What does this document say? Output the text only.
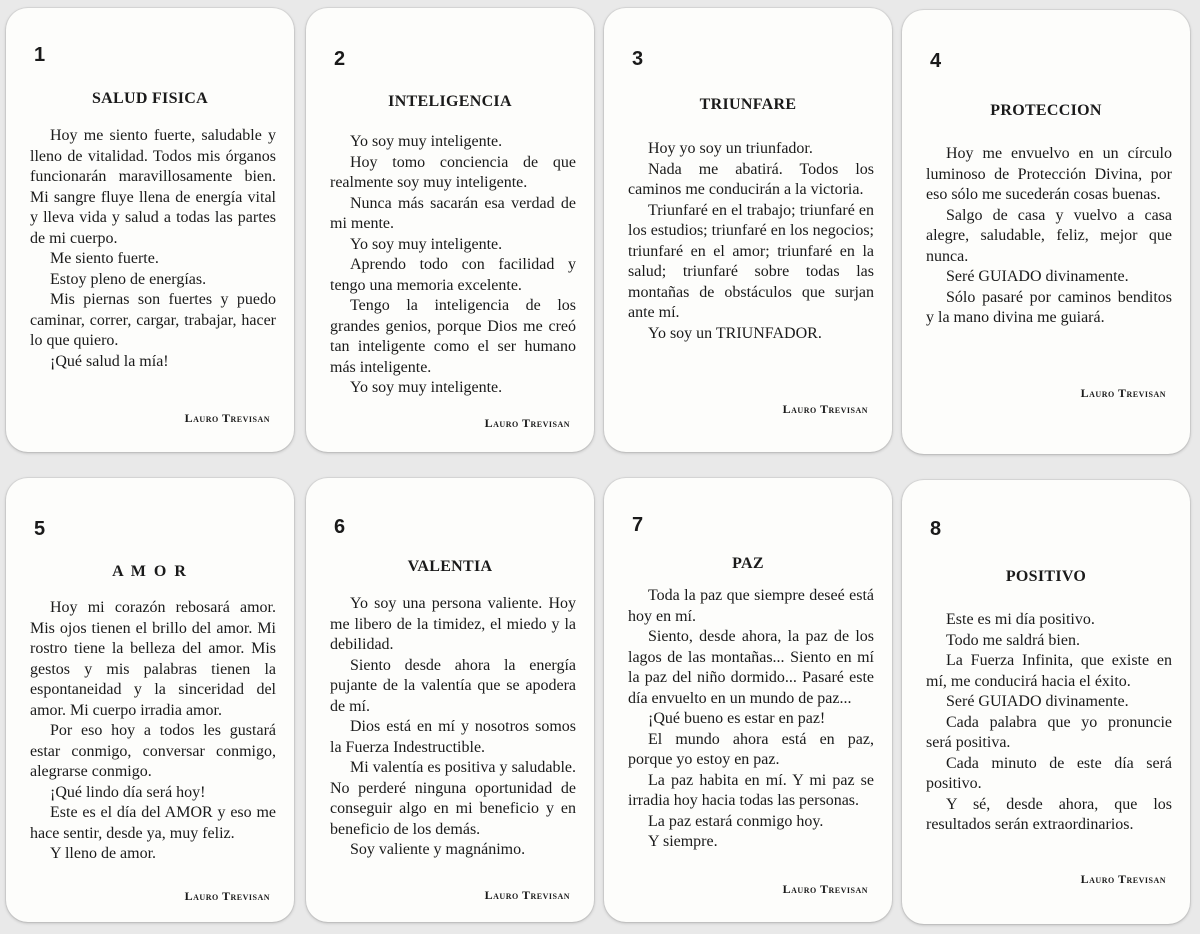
1
SALUD FISICA

Hoy me siento fuerte, saludable y lleno de vitalidad. Todos mis órganos funcionarán maravillosamente bien. Mi sangre fluye llena de energía vital y lleva vida y salud a todas las partes de mi cuerpo.

Me siento fuerte.

Estoy pleno de energías.

Mis piernas son fuertes y puedo caminar, correr, cargar, trabajar, hacer lo que quiero.

¡Qué salud la mía!

Lauro Trevisan
2
INTELIGENCIA

Yo soy muy inteligente.

Hoy tomo conciencia de que realmente soy muy inteligente.

Nunca más sacarán esa verdad de mi mente.

Yo soy muy inteligente.

Aprendo todo con facilidad y tengo una memoria excelente.

Tengo la inteligencia de los grandes genios, porque Dios me creó tan inteligente como el ser humano más inteligente.

Yo soy muy inteligente.

Lauro Trevisan
3
TRIUNFARE

Hoy yo soy un triunfador.

Nada me abatirá. Todos los caminos me conducirán a la victoria.

Triunfaré en el trabajo; triunfaré en los estudios; triunfaré en los negocios; triunfaré en el amor; triunfaré en la salud; triunfaré sobre todas las montañas de obstáculos que surjan ante mí.

Yo soy un TRIUNFADOR.

Lauro Trevisan
4
PROTECCION

Hoy me envuelvo en un círculo luminoso de Protección Divina, por eso sólo me sucederán cosas buenas.

Salgo de casa y vuelvo a casa alegre, saludable, feliz, mejor que nunca.

Seré GUIADO divinamente.

Sólo pasaré por caminos benditos y la mano divina me guiará.

Lauro Trevisan
5
A M O R

Hoy mi corazón rebosará amor. Mis ojos tienen el brillo del amor. Mi rostro tiene la belleza del amor. Mis gestos y mis palabras tienen la espontaneidad y la sinceridad del amor. Mi cuerpo irradia amor.

Por eso hoy a todos les gustará estar conmigo, conversar conmigo, alegrarse conmigo.

¡Qué lindo día será hoy!

Este es el día del AMOR y eso me hace sentir, desde ya, muy feliz.

Y lleno de amor.

Lauro Trevisan
6
VALENTIA

Yo soy una persona valiente. Hoy me libero de la timidez, el miedo y la debilidad.

Siento desde ahora la energía pujante de la valentía que se apodera de mí.

Dios está en mí y nosotros somos la Fuerza Indestructible.

Mi valentía es positiva y saludable. No perderé ninguna oportunidad de conseguir algo en mi beneficio y en beneficio de los demás.

Soy valiente y magnánimo.

Lauro Trevisan
7
PAZ

Toda la paz que siempre deseé está hoy en mí.

Siento, desde ahora, la paz de los lagos de las montañas... Siento en mí la paz del niño dormido... Pasaré este día envuelto en un mundo de paz...

¡Qué bueno es estar en paz!

El mundo ahora está en paz, porque yo estoy en paz.

La paz habita en mí. Y mi paz se irradia hoy hacia todas las personas.

La paz estará conmigo hoy.

Y siempre.

Lauro Trevisan
8
POSITIVO

Este es mi día positivo.

Todo me saldrá bien.

La Fuerza Infinita, que existe en mí, me conducirá hacia el éxito.

Seré GUIADO divinamente.

Cada palabra que yo pronuncie será positiva.

Cada minuto de este día será positivo.

Y sé, desde ahora, que los resultados serán extraordinarios.

Lauro Trevisan
